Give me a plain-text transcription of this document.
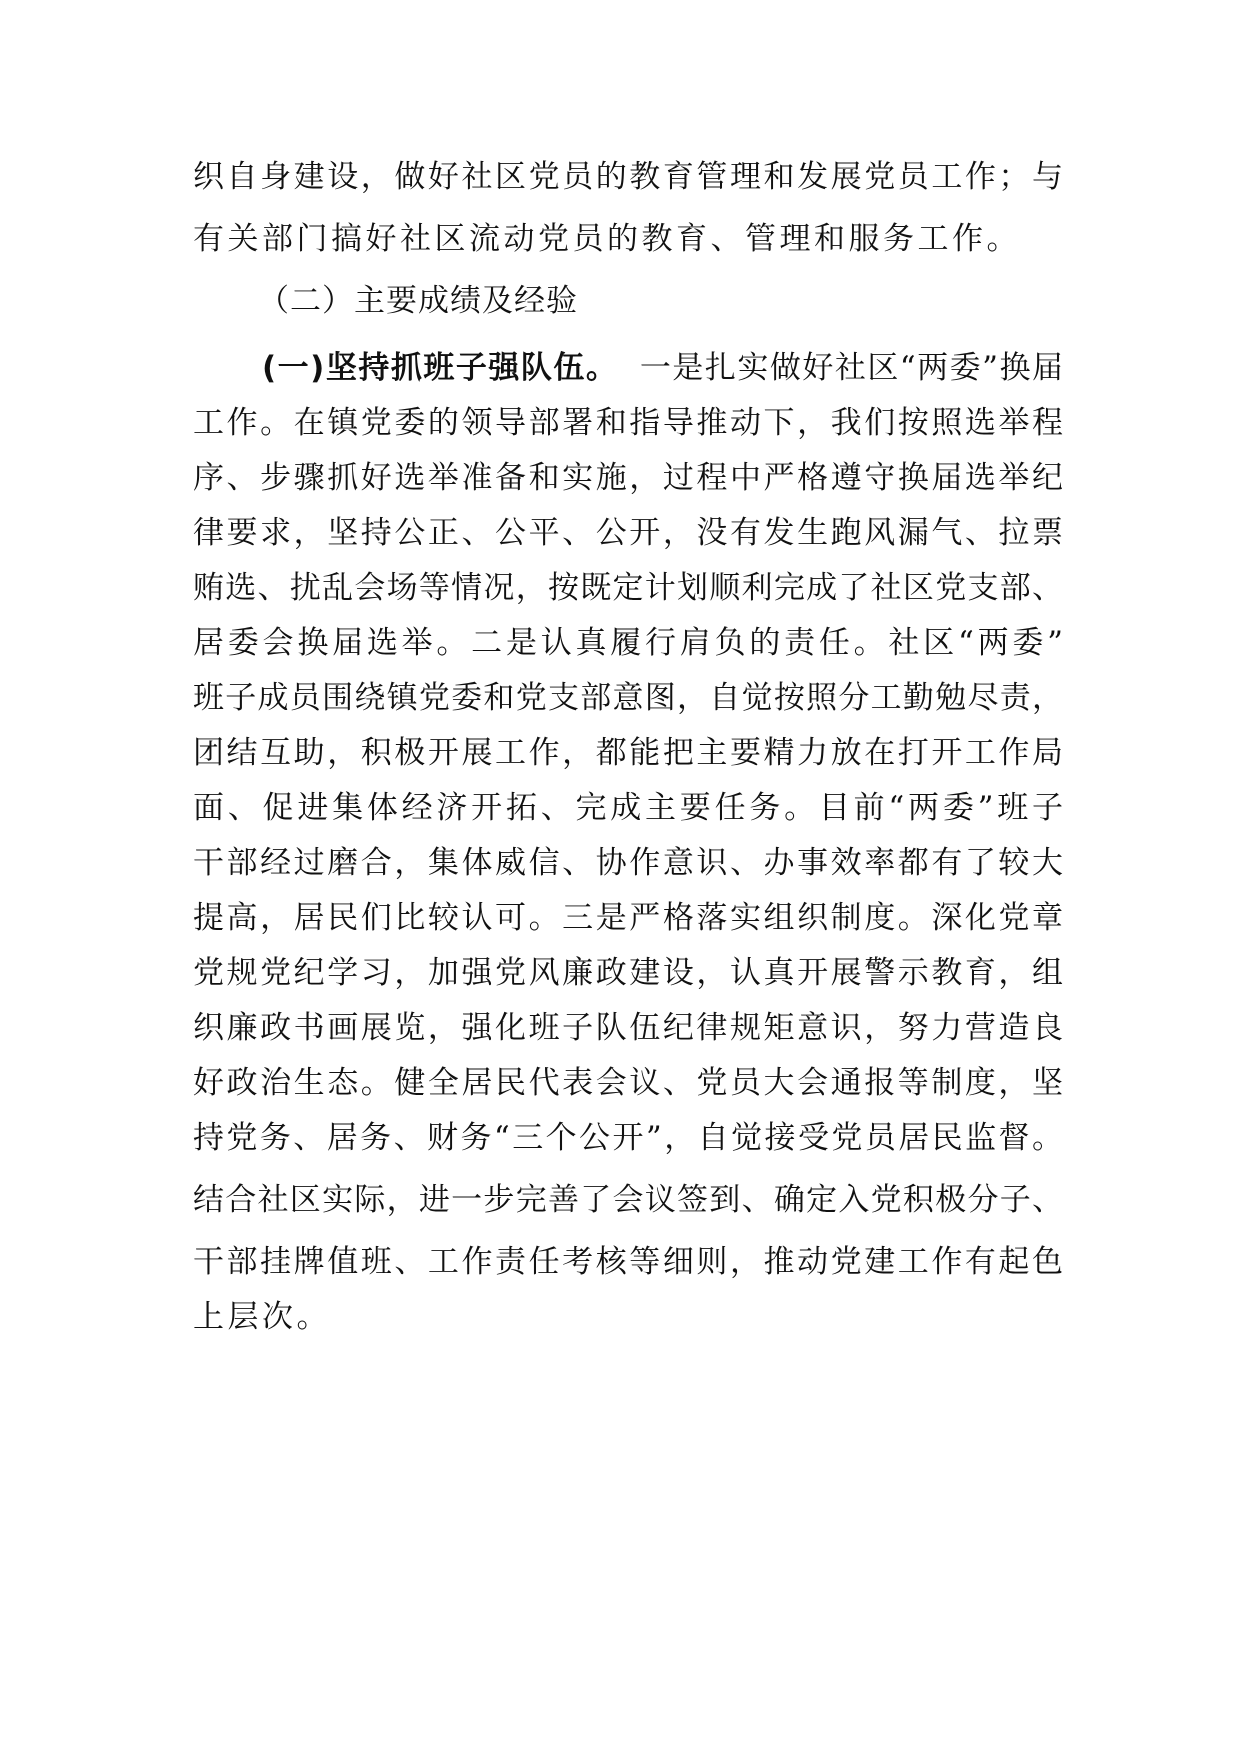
织自身建设，做好社区党员的教育管理和发展党员工作；与
有关部门搞好社区流动党员的教育、管理和服务工作。
（二）主要成绩及经验
(一)坚持抓班子强队伍。 一是扎实做好社区“两委”换届
工作。在镇党委的领导部署和指导推动下，我们按照选举程
序、步骤抓好选举准备和实施，过程中严格遵守换届选举纪
律要求，坚持公正、公平、公开，没有发生跑风漏气、拉票
贿选、扰乱会场等情况，按既定计划顺利完成了社区党支部、
居委会换届选举。二是认真履行肩负的责任。社区“两委”
班子成员围绕镇党委和党支部意图，自觉按照分工勤勉尽责，
团结互助，积极开展工作，都能把主要精力放在打开工作局
面、促进集体经济开拓、完成主要任务。目前“两委”班子
干部经过磨合，集体威信、协作意识、办事效率都有了较大
提高，居民们比较认可。三是严格落实组织制度。深化党章
党规党纪学习，加强党风廉政建设，认真开展警示教育，组
织廉政书画展览，强化班子队伍纪律规矩意识，努力营造良
好政治生态。健全居民代表会议、党员大会通报等制度，坚
持党务、居务、财务“三个公开”，自觉接受党员居民监督。
结合社区实际，进一步完善了会议签到、确定入党积极分子、
干部挂牌值班、工作责任考核等细则，推动党建工作有起色
上层次。
